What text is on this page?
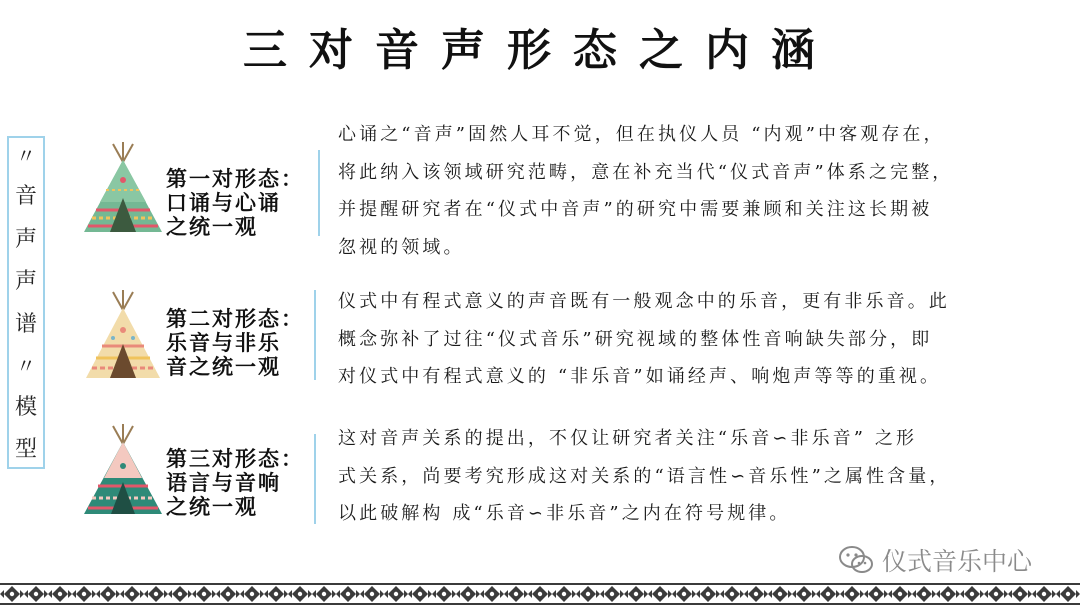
三对音声形态之内涵
〃
音
声
声
谱
〃
模
型
第一对形态：
口诵与心诵
之统一观
心诵之“音声”固然人耳不觉，但在执仪人员 “内观”中客观存在，
将此纳入该领域研究范畴，意在补充当代“仪式音声”体系之完整，
并提醒研究者在“仪式中音声”的研究中需要兼顾和关注这长期被
忽视的领域。
第二对形态：
乐音与非乐
音之统一观
仪式中有程式意义的声音既有一般观念中的乐音，更有非乐音。此
概念弥补了过往“仪式音乐”研究视域的整体性音响缺失部分，即
对仪式中有程式意义的 “非乐音”如诵经声、响炮声等等的重视。
第三对形态：
语言与音响
之统一观
这对音声关系的提出，不仅让研究者关注“乐音∽非乐音” 之形
式关系，尚要考究形成这对关系的“语言性∽音乐性”之属性含量，
以此破解构 成“乐音∽非乐音”之内在符号规律。
仪式音乐中心
